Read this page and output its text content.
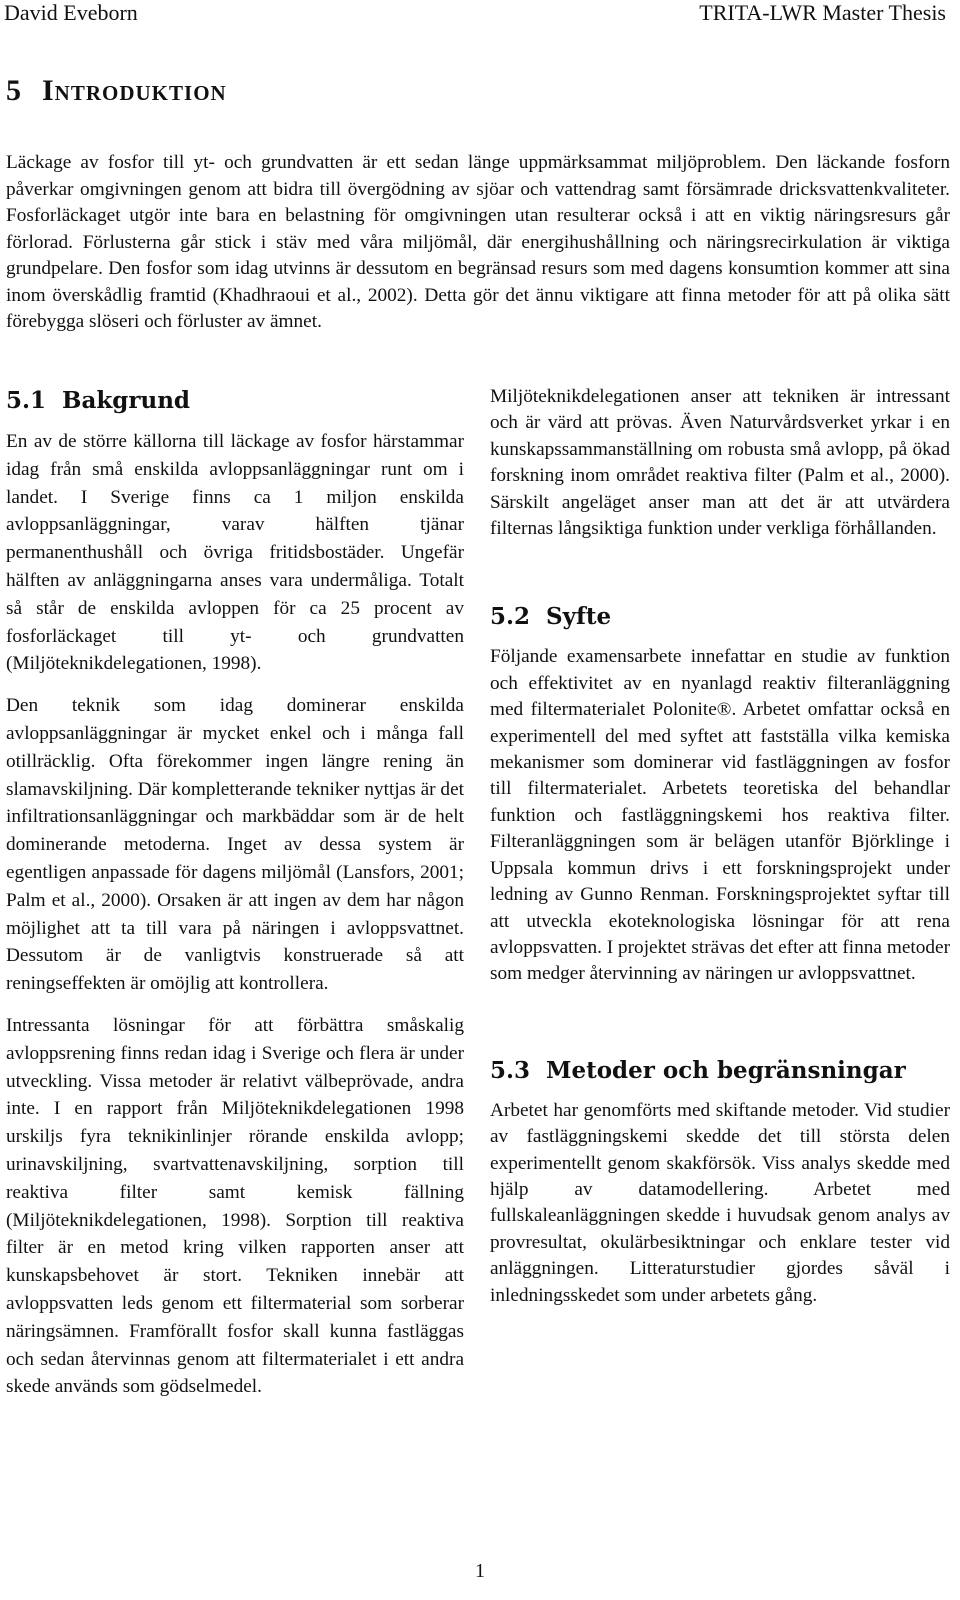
David Eveborn	TRITA-LWR Master Thesis
5 Introduktion

Läckage av fosfor till yt- och grundvatten är ett sedan länge uppmärksammat miljöproblem. Den läckande fosforn påverkar omgivningen genom att bidra till övergödning av sjöar och vattendrag samt försämrade dricksvattenkvaliteter. Fosforläckaget utgör inte bara en belastning för omgivningen utan resulterar också i att en viktig näringsresurs går förlorad. Förlusterna går stick i stäv med våra miljömål, där energihushållning och näringsrecirkulation är viktiga grundpelare. Den fosfor som idag utvinns är dessutom en begränsad resurs som med dagens konsumtion kommer att sina inom överskådlig framtid (Khadhraoui et al., 2002). Detta gör det ännu viktigare att finna metoder för att på olika sätt förebygga slöseri och förluster av ämnet.

5.1 Bakgrund

En av de större källorna till läckage av fosfor härstammar idag från små enskilda avloppsanläggningar runt om i landet. I Sverige finns ca 1 miljon enskilda avloppsanläggningar, varav hälften tjänar permanenthushåll och övriga fritidsbostäder. Ungefär hälften av anläggningarna anses vara undermåliga. Totalt så står de enskilda avloppen för ca 25 procent av fosforläckaget till yt- och grundvatten (Miljöteknikdelegationen, 1998).

Den teknik som idag dominerar enskilda avloppsanläggningar är mycket enkel och i många fall otillräcklig. Ofta förekommer ingen längre rening än slamavskiljning. Där kompletterande tekniker nyttjas är det infiltrationsanläggningar och markbäddar som är de helt dominerande metoderna. Inget av dessa system är egentligen anpassade för dagens miljömål (Lansfors, 2001; Palm et al., 2000). Orsaken är att ingen av dem har någon möjlighet att ta till vara på näringen i avloppsvattnet. Dessutom är de vanligtvis konstruerade så att reningseffekten är omöjlig att kontrollera.

Intressanta lösningar för att förbättra småskalig avloppsrening finns redan idag i Sverige och flera är under utveckling. Vissa metoder är relativt välbeprövade, andra inte. I en rapport från Miljöteknikdelegationen 1998 urskiljs fyra teknikinlinjer rörande enskilda avlopp; urinavskiljning, svartvattenavskiljning, sorption till reaktiva filter samt kemisk fällning (Miljöteknikdelegationen, 1998). Sorption till reaktiva filter är en metod kring vilken rapporten anser att kunskapsbehovet är stort. Tekniken innebär att avloppsvatten leds genom ett filtermaterial som sorberar näringsämnen. Framförallt fosfor skall kunna fastläggas och sedan återvinnas genom att filtermaterialet i ett andra skede används som gödselmedel.

Miljöteknikdelegationen anser att tekniken är intressant och är värd att prövas. Även Naturvårdsverket yrkar i en kunskapssammanställning om robusta små avlopp, på ökad forskning inom området reaktiva filter (Palm et al., 2000). Särskilt angeläget anser man att det är att utvärdera filternas långsiktiga funktion under verkliga förhållanden.

5.2 Syfte

Följande examensarbete innefattar en studie av funktion och effektivitet av en nyanlagd reaktiv filteranläggning med filtermaterialet Polonite®. Arbetet omfattar också en experimentell del med syftet att fastställa vilka kemiska mekanismer som dominerar vid fastläggningen av fosfor till filtermaterialet. Arbetets teoretiska del behandlar funktion och fastläggningskemi hos reaktiva filter. Filteranläggningen som är belägen utanför Björklinge i Uppsala kommun drivs i ett forskningsprojekt under ledning av Gunno Renman. Forskningsprojektet syftar till att utveckla ekoteknologiska lösningar för att rena avloppsvatten. I projektet strävas det efter att finna metoder som medger återvinning av näringen ur avloppsvattnet.

5.3 Metoder och begränsningar

Arbetet har genomförts med skiftande metoder. Vid studier av fastläggningskemi skedde det till största delen experimentellt genom skakförsök. Viss analys skedde med hjälp av datamodellering. Arbetet med fullskaleanläggningen skedde i huvudsak genom analys av provresultat, okulärbesiktningar och enklare tester vid anläggningen. Litteraturstudier gjordes såväl i inledningsskedet som under arbetets gång.

1
